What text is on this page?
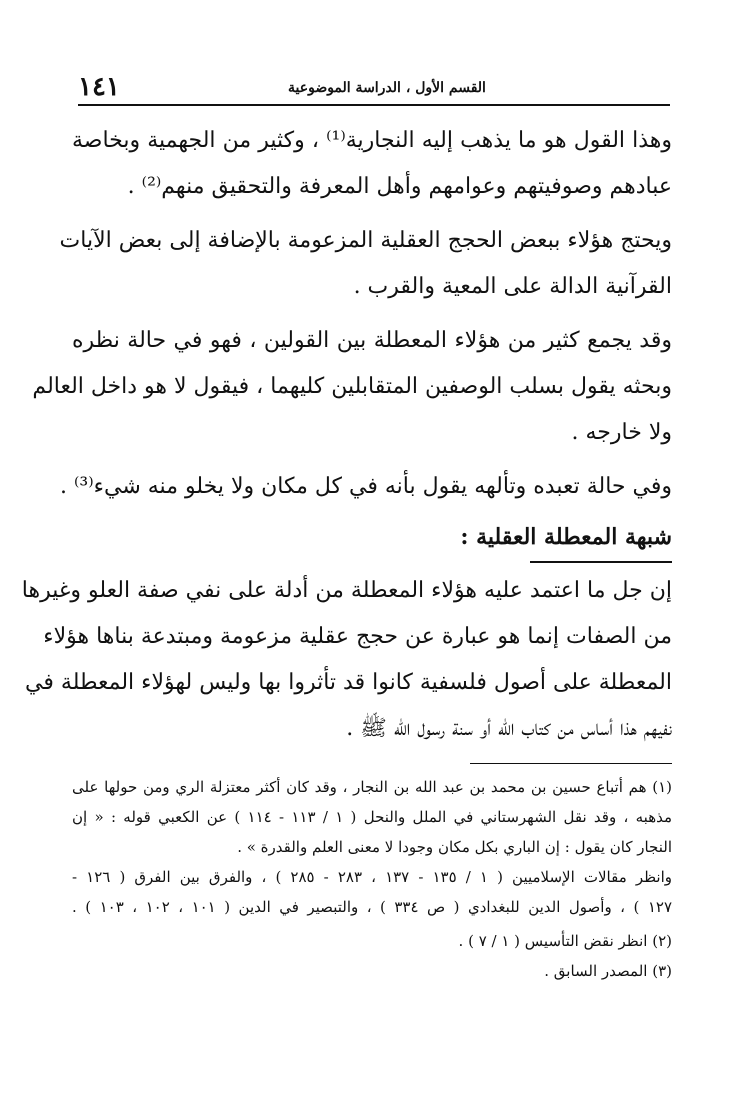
١٤١	القسم الأول ، الدراسة الموضوعية
وهذا القول هو ما يذهب إليه النجارية⁽¹⁾ ، وكثير من الجهمية وبخاصة
عبادهم وصوفيتهم وعوامهم وأهل المعرفة والتحقيق منهم⁽²⁾ .
ويحتج هؤلاء ببعض الحجج العقلية المزعومة بالإضافة إلى بعض الآيات
القرآنية الدالة على المعية والقرب .
وقد يجمع كثير من هؤلاء المعطلة بين القولين ، فهو في حالة نظره
وبحثه يقول بسلب الوصفين المتقابلين كليهما ، فيقول لا هو داخل العالم
ولا خارجه .
وفي حالة تعبده وتألهه يقول بأنه في كل مكان ولا يخلو منه شيء⁽³⁾ .
شبهة المعطلة العقلية :
إن جل ما اعتمد عليه هؤلاء المعطلة من أدلة على نفي صفة العلو وغيرها
من الصفات إنما هو عبارة عن حجج عقلية مزعومة ومبتدعة بناها هؤلاء
المعطلة على أصول فلسفية كانوا قد تأثروا بها وليس لهؤلاء المعطلة في
نفيهم هذا أساس من كتاب الله أو سنة رسول الله ﷺ .
(١) هم أتباع حسين بن محمد بن عبد الله بن النجار ، وقد كان أكثر معتزلة الري ومن حولها على
مذهبه ، وقد نقل الشهرستاني في الملل والنحل ( ١ / ١١٣ - ١١٤ ) عن الكعبي قوله : « إن
النجار كان يقول : إن الباري بكل مكان وجودا لا معنى العلم والقدرة » .
وانظر مقالات الإسلاميين ( ١ / ١٣٥ - ١٣٧ ، ٢٨٣ - ٢٨٥ ) ، والفرق بين الفرق ( ١٢٦ -
١٢٧ ) ، وأصول الدين للبغدادي ( ص ٣٣٤ ) ، والتبصير في الدين ( ١٠١ ، ١٠٢ ، ١٠٣ ) .
(٢) انظر نقض التأسيس ( ١ / ٧ ) .
(٣) المصدر السابق .
